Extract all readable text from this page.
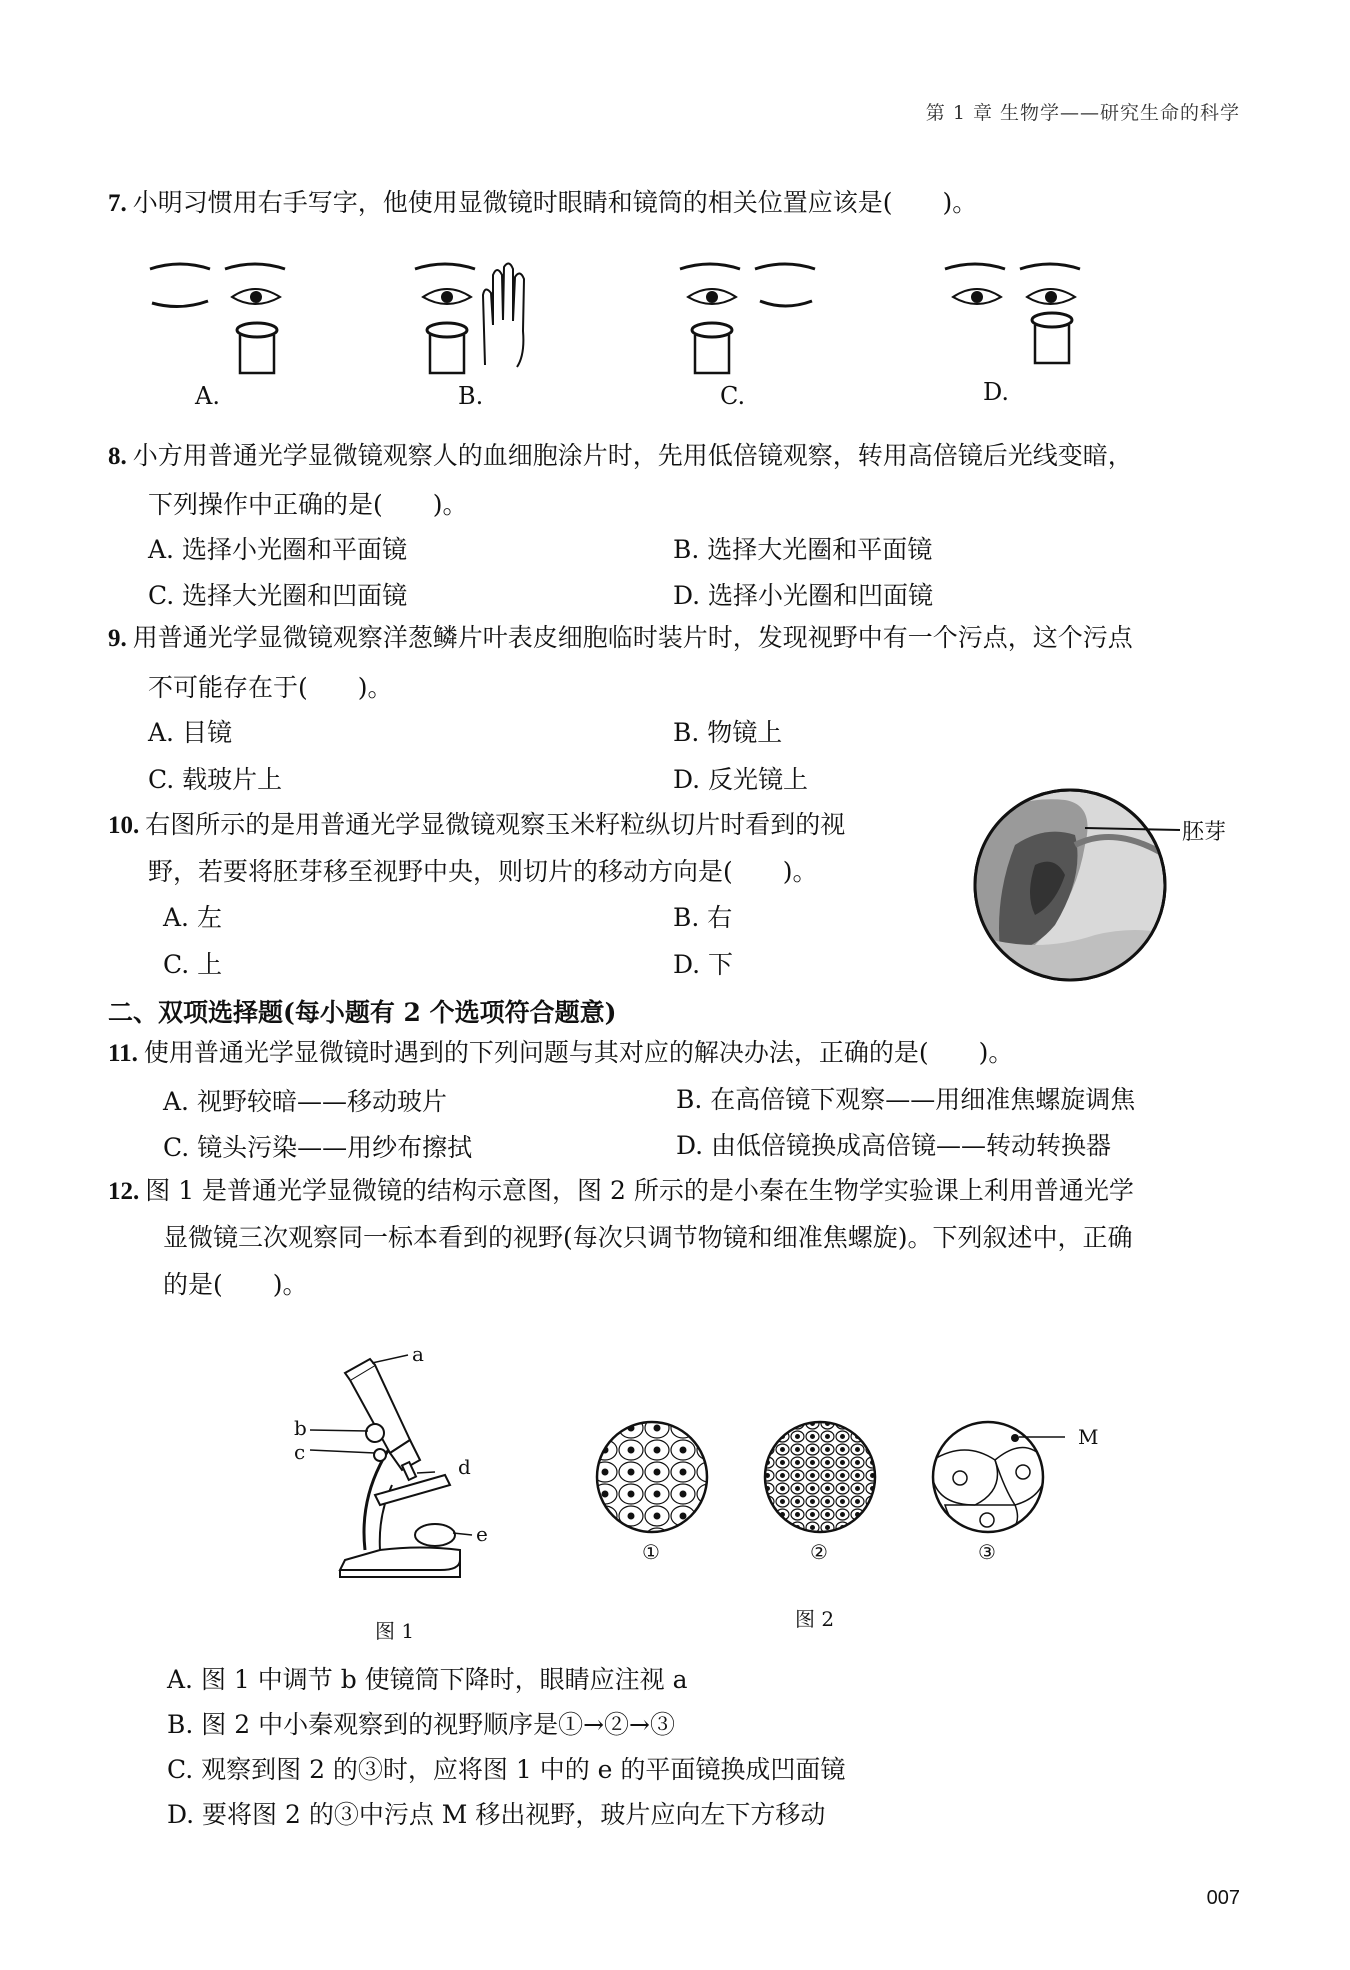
第 1 章 生物学——研究生命的科学
7. 小明习惯用右手写字，他使用显微镜时眼睛和镜筒的相关位置应该是(　　)。
A.	B.	C.	D.
8. 小方用普通光学显微镜观察人的血细胞涂片时，先用低倍镜观察，转用高倍镜后光线变暗，
下列操作中正确的是(　　)。
A. 选择小光圈和平面镜	B. 选择大光圈和平面镜
C. 选择大光圈和凹面镜	D. 选择小光圈和凹面镜
9. 用普通光学显微镜观察洋葱鳞片叶表皮细胞临时装片时，发现视野中有一个污点，这个污点
不可能存在于(　　)。
A. 目镜	B. 物镜上
C. 载玻片上	D. 反光镜上
10. 右图所示的是用普通光学显微镜观察玉米籽粒纵切片时看到的视
野，若要将胚芽移至视野中央，则切片的移动方向是(　　)。
A. 左	B. 右
C. 上	D. 下
胚芽
二、双项选择题(每小题有 2 个选项符合题意)
11. 使用普通光学显微镜时遇到的下列问题与其对应的解决办法，正确的是(　　)。
A. 视野较暗——移动玻片	B. 在高倍镜下观察——用细准焦螺旋调焦
C. 镜头污染——用纱布擦拭	D. 由低倍镜换成高倍镜——转动转换器
12. 图 1 是普通光学显微镜的结构示意图，图 2 所示的是小秦在生物学实验课上利用普通光学
显微镜三次观察同一标本看到的视野(每次只调节物镜和细准焦螺旋)。下列叙述中，正确
的是(　　)。
a
b
c
d
e
图 1
M
①	②	③
图 2
A. 图 1 中调节 b 使镜筒下降时，眼睛应注视 a
B. 图 2 中小秦观察到的视野顺序是①→②→③
C. 观察到图 2 的③时，应将图 1 中的 e 的平面镜换成凹面镜
D. 要将图 2 的③中污点 M 移出视野，玻片应向左下方移动
007
